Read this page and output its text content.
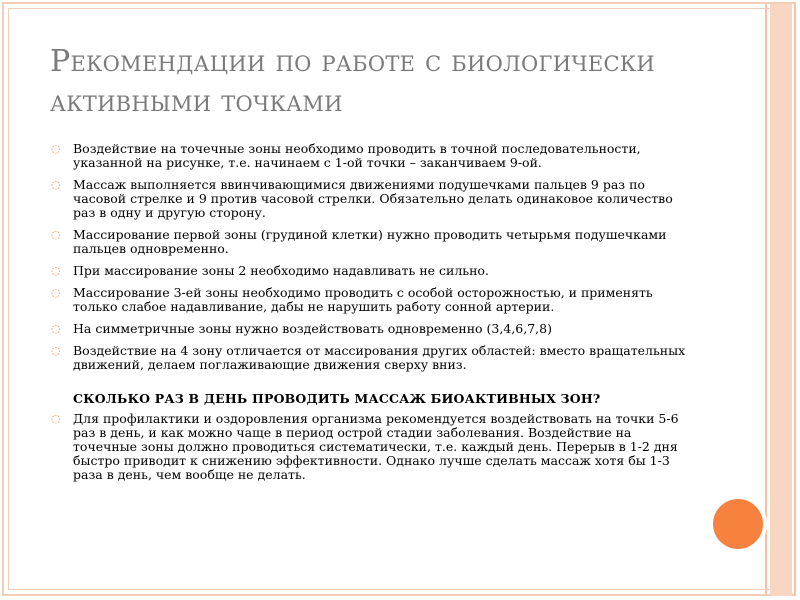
Рекомендации по работе с биологически активными точками
◌ Воздействие на точечные зоны необходимо проводить в точной последовательности, указанной на рисунке, т.е. начинаем с 1-ой точки – заканчиваем 9-ой.
◌ Массаж выполняется ввинчивающимися движениями подушечками пальцев 9 раз по часовой стрелке и 9 против часовой стрелки. Обязательно делать одинаковое количество раз в одну и другую сторону.
◌ Массирование первой зоны (грудиной клетки) нужно проводить четырьмя подушечками пальцев одновременно.
◌ При массирование зоны 2 необходимо надавливать не сильно.
◌ Массирование 3-ей зоны необходимо проводить с особой осторожностью, и применять только слабое надавливание, дабы не нарушить работу сонной артерии.
◌ На симметричные зоны нужно воздействовать одновременно (3,4,6,7,8)
◌ Воздействие на 4 зону отличается от массирования других областей: вместо вращательных движений, делаем поглаживающие движения сверху вниз.
СКОЛЬКО РАЗ В ДЕНЬ ПРОВОДИТЬ МАССАЖ БИОАКТИВНЫХ ЗОН?
◌ Для профилактики и оздоровления организма рекомендуется воздействовать на точки 5-6 раз в день, и как можно чаще в период острой стадии заболевания. Воздействие на точечные зоны должно проводиться систематически, т.е. каждый день. Перерыв в 1-2 дня быстро приводит к снижению эффективности. Однако лучше сделать массаж хотя бы 1-3 раза в день, чем вообще не делать.
